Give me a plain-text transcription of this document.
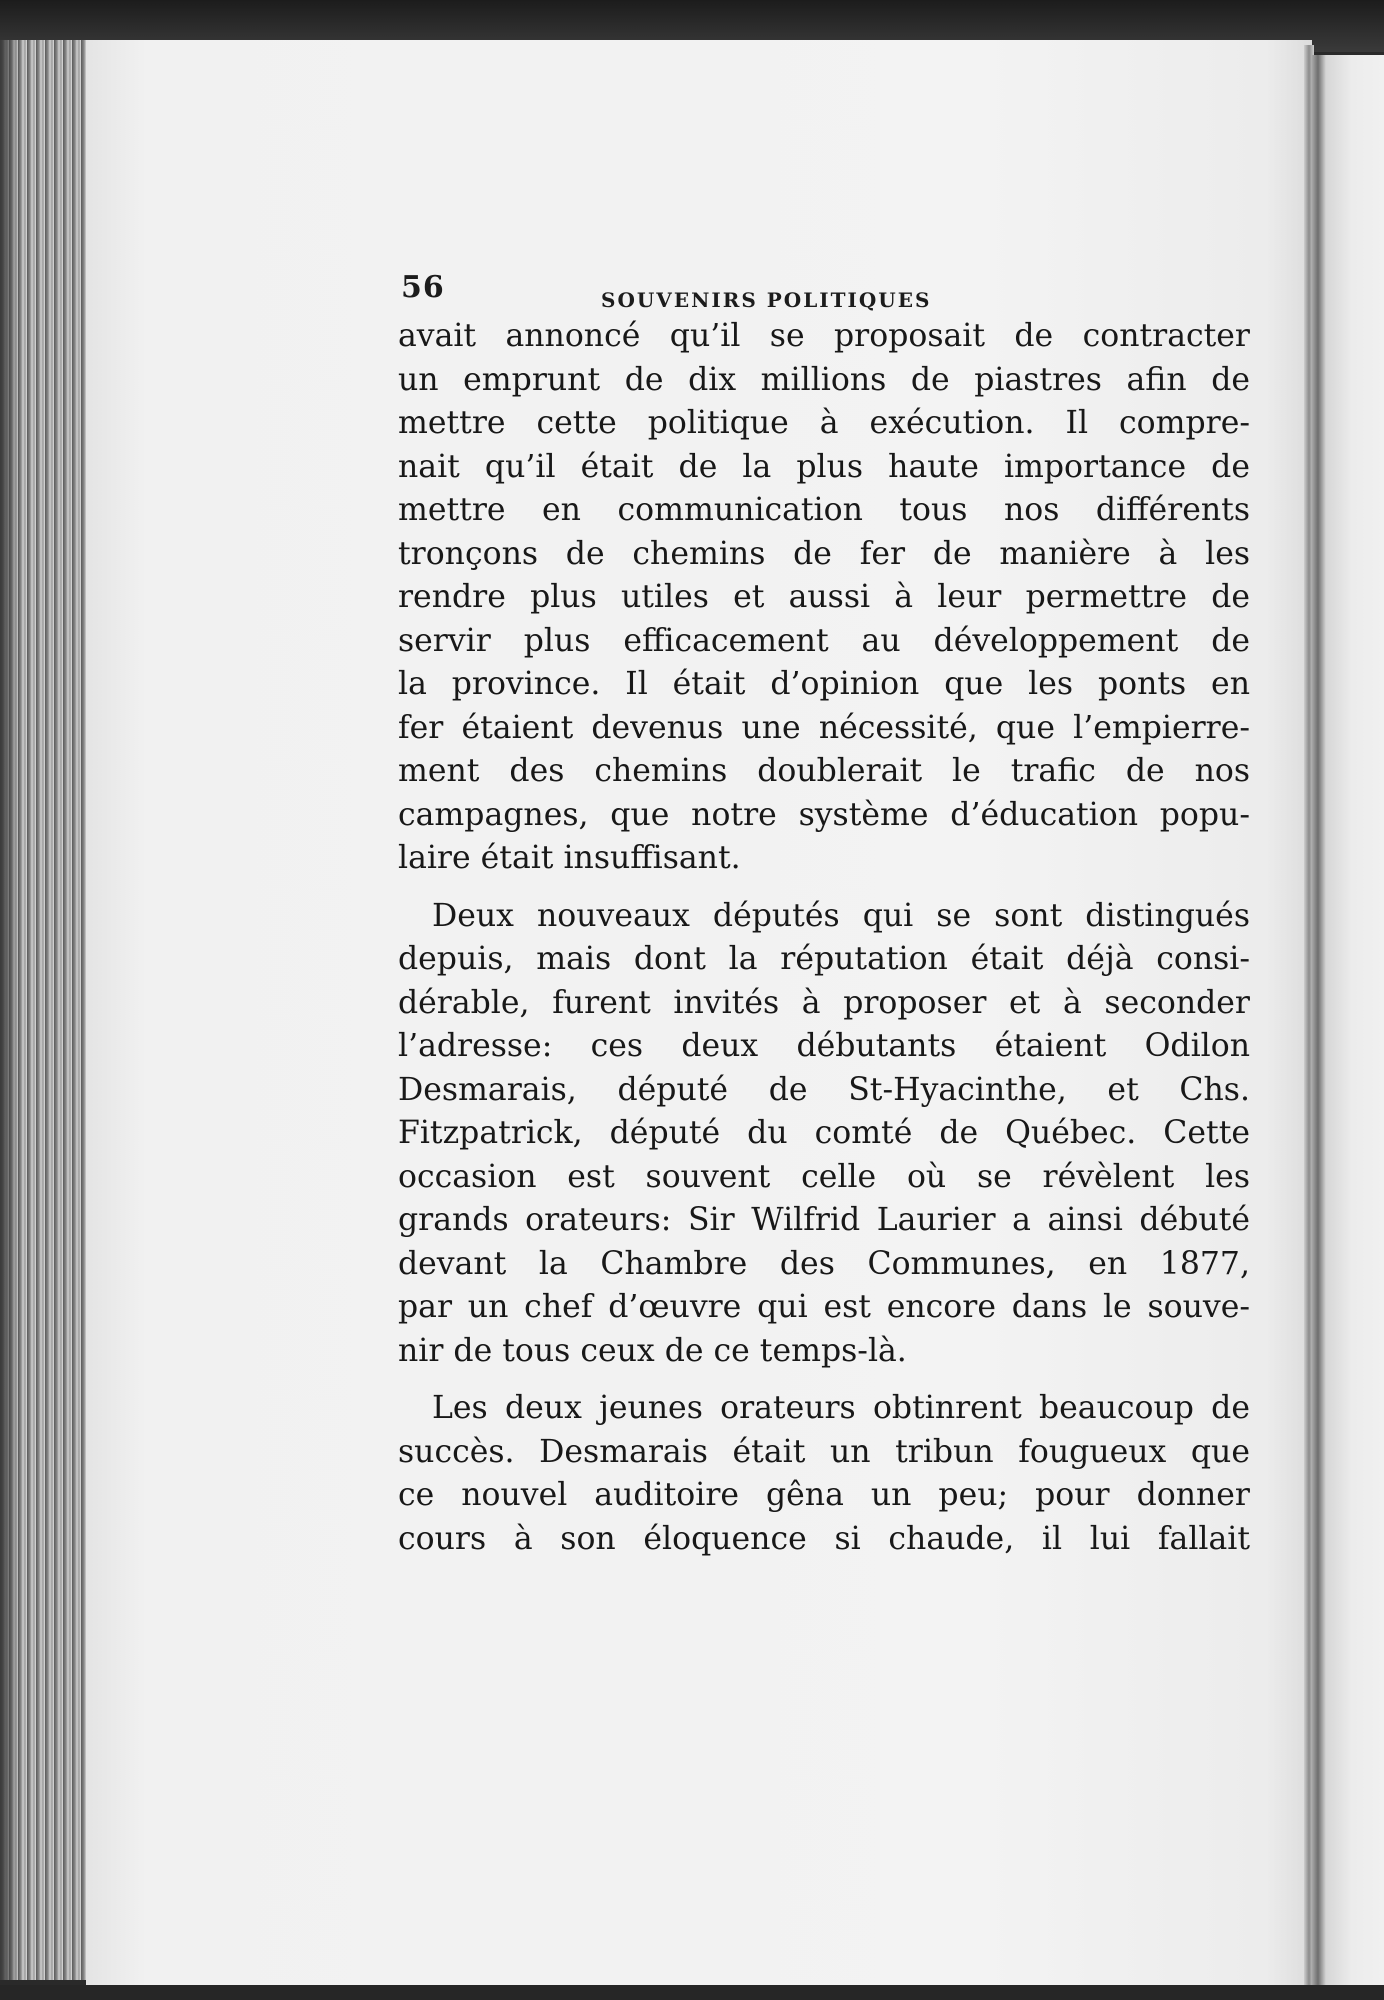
56	SOUVENIRS POLITIQUES

avait annoncé qu’il se proposait de contracter
un emprunt de dix millions de piastres afin de
mettre cette politique à exécution. Il compre-
nait qu’il était de la plus haute importance de
mettre en communication tous nos différents
tronçons de chemins de fer de manière à les
rendre plus utiles et aussi à leur permettre de
servir plus efficacement au développement de
la province. Il était d’opinion que les ponts en
fer étaient devenus une nécessité, que l’empierre-
ment des chemins doublerait le trafic de nos
campagnes, que notre système d’éducation popu-
laire était insuffisant.

Deux nouveaux députés qui se sont distingués
depuis, mais dont la réputation était déjà consi-
dérable, furent invités à proposer et à seconder
l’adresse: ces deux débutants étaient Odilon
Desmarais, député de St-Hyacinthe, et Chs.
Fitzpatrick, député du comté de Québec. Cette
occasion est souvent celle où se révèlent les
grands orateurs: Sir Wilfrid Laurier a ainsi débuté
devant la Chambre des Communes, en 1877,
par un chef d’œuvre qui est encore dans le souve-
nir de tous ceux de ce temps-là.

Les deux jeunes orateurs obtinrent beaucoup de
succès. Desmarais était un tribun fougueux que
ce nouvel auditoire gêna un peu; pour donner
cours à son éloquence si chaude, il lui fallait
